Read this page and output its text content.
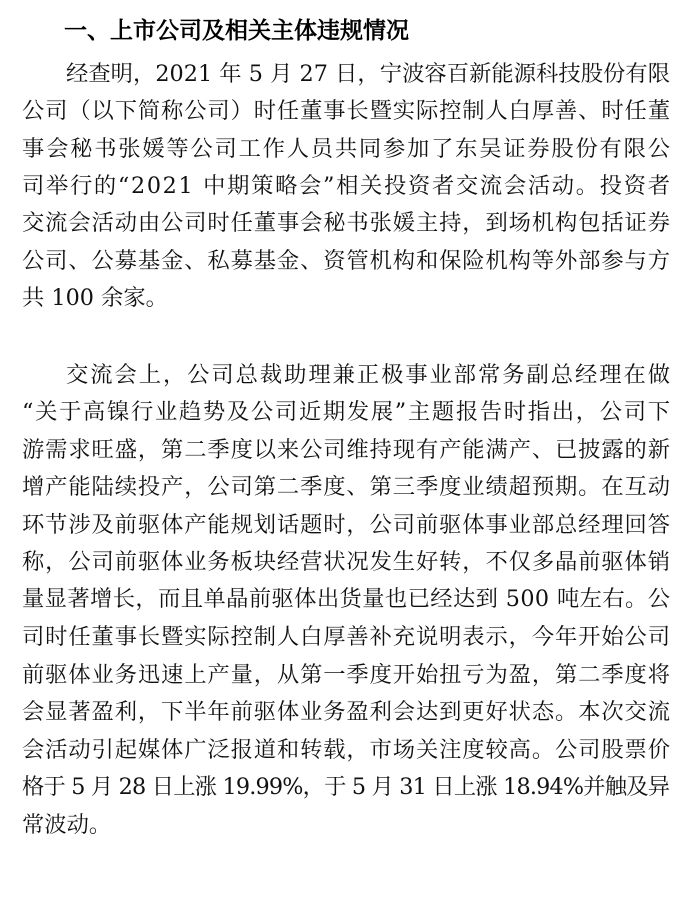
一、上市公司及相关主体违规情况
经查明，2021 年 5 月 27 日，宁波容百新能源科技股份有限
公司（以下简称公司）时任董事长暨实际控制人白厚善、时任董
事会秘书张媛等公司工作人员共同参加了东吴证券股份有限公
司举行的“2021 中期策略会”相关投资者交流会活动。投资者
交流会活动由公司时任董事会秘书张媛主持，到场机构包括证券
公司、公募基金、私募基金、资管机构和保险机构等外部参与方
共 100 余家。
交流会上，公司总裁助理兼正极事业部常务副总经理在做
“关于高镍行业趋势及公司近期发展”主题报告时指出，公司下
游需求旺盛，第二季度以来公司维持现有产能满产、已披露的新
增产能陆续投产，公司第二季度、第三季度业绩超预期。在互动
环节涉及前驱体产能规划话题时，公司前驱体事业部总经理回答
称，公司前驱体业务板块经营状况发生好转，不仅多晶前驱体销
量显著增长，而且单晶前驱体出货量也已经达到 500 吨左右。公
司时任董事长暨实际控制人白厚善补充说明表示，今年开始公司
前驱体业务迅速上产量，从第一季度开始扭亏为盈，第二季度将
会显著盈利，下半年前驱体业务盈利会达到更好状态。本次交流
会活动引起媒体广泛报道和转载，市场关注度较高。公司股票价
格于 5 月 28 日上涨 19.99%，于 5 月 31 日上涨 18.94%并触及异
常波动。
